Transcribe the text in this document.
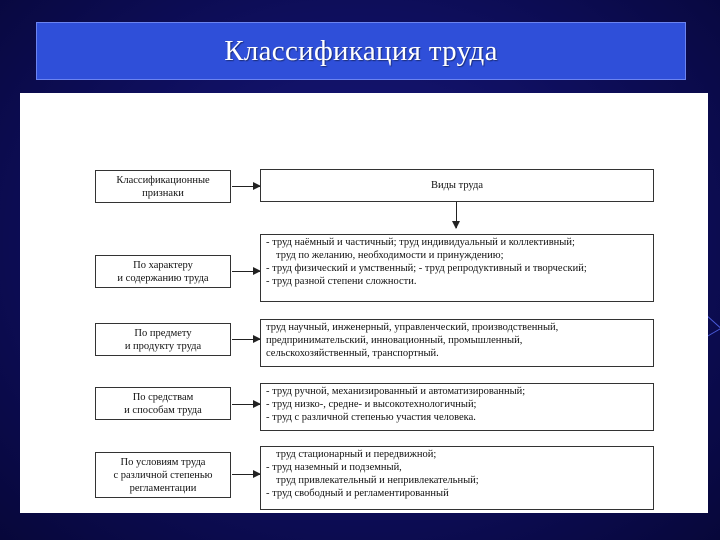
Классификация труда
Классификационные
признаки
Виды труда
По характеру
и содержанию труда
- труд наёмный и частичный; труд индивидуальный и коллективный;
труд по желанию, необходимости и принуждению;
- труд физический и умственный; - труд репродуктивный и творческий;
- труд разной степени сложности.
По предмету
и продукту труда
труд научный, инженерный, управленческий, производственный,
предпринимательский, инновационный, промышленный,
сельскохозяйственный, транспортный.
По средствам
и способам труда
- труд ручной, механизированный и автоматизированный;
- труд низко-, средне- и высокотехнологичный;
- труд с различной степенью участия человека.
По условиям труда
с различной степенью
регламентации
труд стационарный и передвижной;
- труд наземный и подземный,
труд привлекательный и непривлекательный;
- труд свободный и регламентированный
